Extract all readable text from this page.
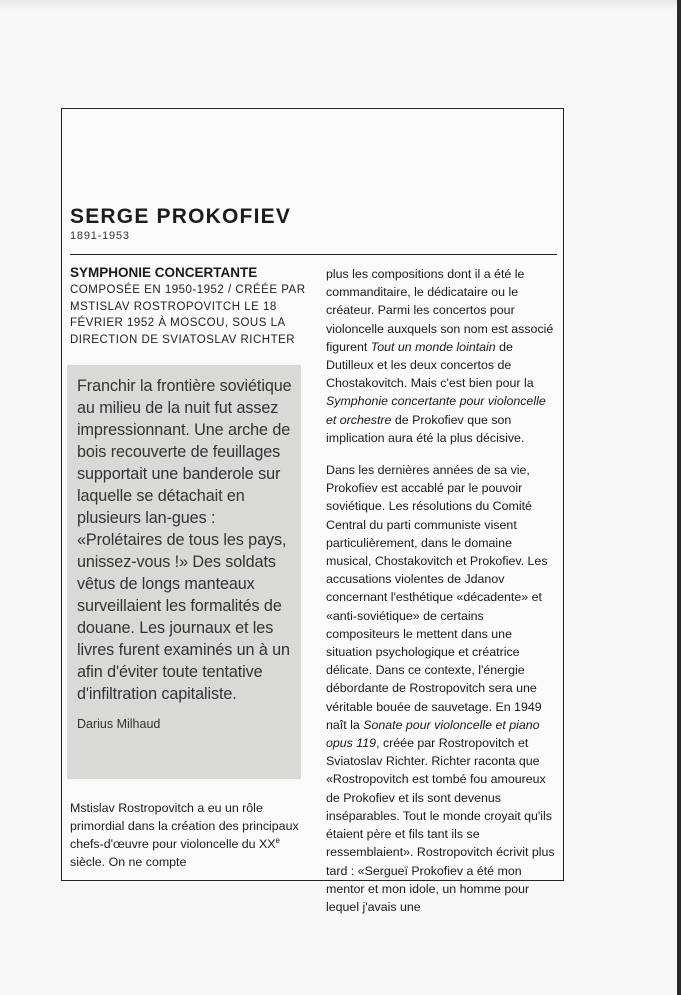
SERGE PROKOFIEV
1891-1953
SYMPHONIE CONCERTANTE
COMPOSÉE EN 1950-1952 / CRÉÉE PAR MSTISLAV ROSTROPOVITCH LE 18 FÉVRIER 1952 À MOSCOU, SOUS LA DIRECTION DE SVIATOSLAV RICHTER

Franchir la frontière soviétique au milieu de la nuit fut assez impressionnant. Une arche de bois recouverte de feuillages supportait une banderole sur laquelle se détachait en plusieurs lan-gues : «Prolétaires de tous les pays, unissez-vous !» Des soldats vêtus de longs manteaux surveillaient les formalités de douane. Les journaux et les livres furent examinés un à un afin d'éviter toute tentative d'infiltration capitaliste.

Darius Milhaud

Mstislav Rostropovitch a eu un rôle primordial dans la création des principaux chefs-d'œuvre pour violoncelle du XXe siècle. On ne compte

plus les compositions dont il a été le commanditaire, le dédicataire ou le créateur. Parmi les concertos pour violoncelle auxquels son nom est associé figurent Tout un monde lointain de Dutilleux et les deux concertos de Chostakovitch. Mais c'est bien pour la Symphonie concertante pour violoncelle et orchestre de Prokofiev que son implication aura été la plus décisive.

Dans les dernières années de sa vie, Prokofiev est accablé par le pouvoir soviétique. Les résolutions du Comité Central du parti communiste visent particulièrement, dans le domaine musical, Chostakovitch et Prokofiev. Les accusations violentes de Jdanov concernant l'esthétique «décadente» et «anti-soviétique» de certains compositeurs le mettent dans une situation psychologique et créatrice délicate. Dans ce contexte, l'énergie débordante de Rostropovitch sera une véritable bouée de sauvetage. En 1949 naît la Sonate pour violoncelle et piano opus 119, créée par Rostropovitch et Sviatoslav Richter. Richter raconta que «Rostropovitch est tombé fou amoureux de Prokofiev et ils sont devenus inséparables. Tout le monde croyait qu'ils étaient père et fils tant ils se ressemblaient». Rostropovitch écrivit plus tard : «Sergueï Prokofiev a été mon mentor et mon idole, un homme pour lequel j'avais une
